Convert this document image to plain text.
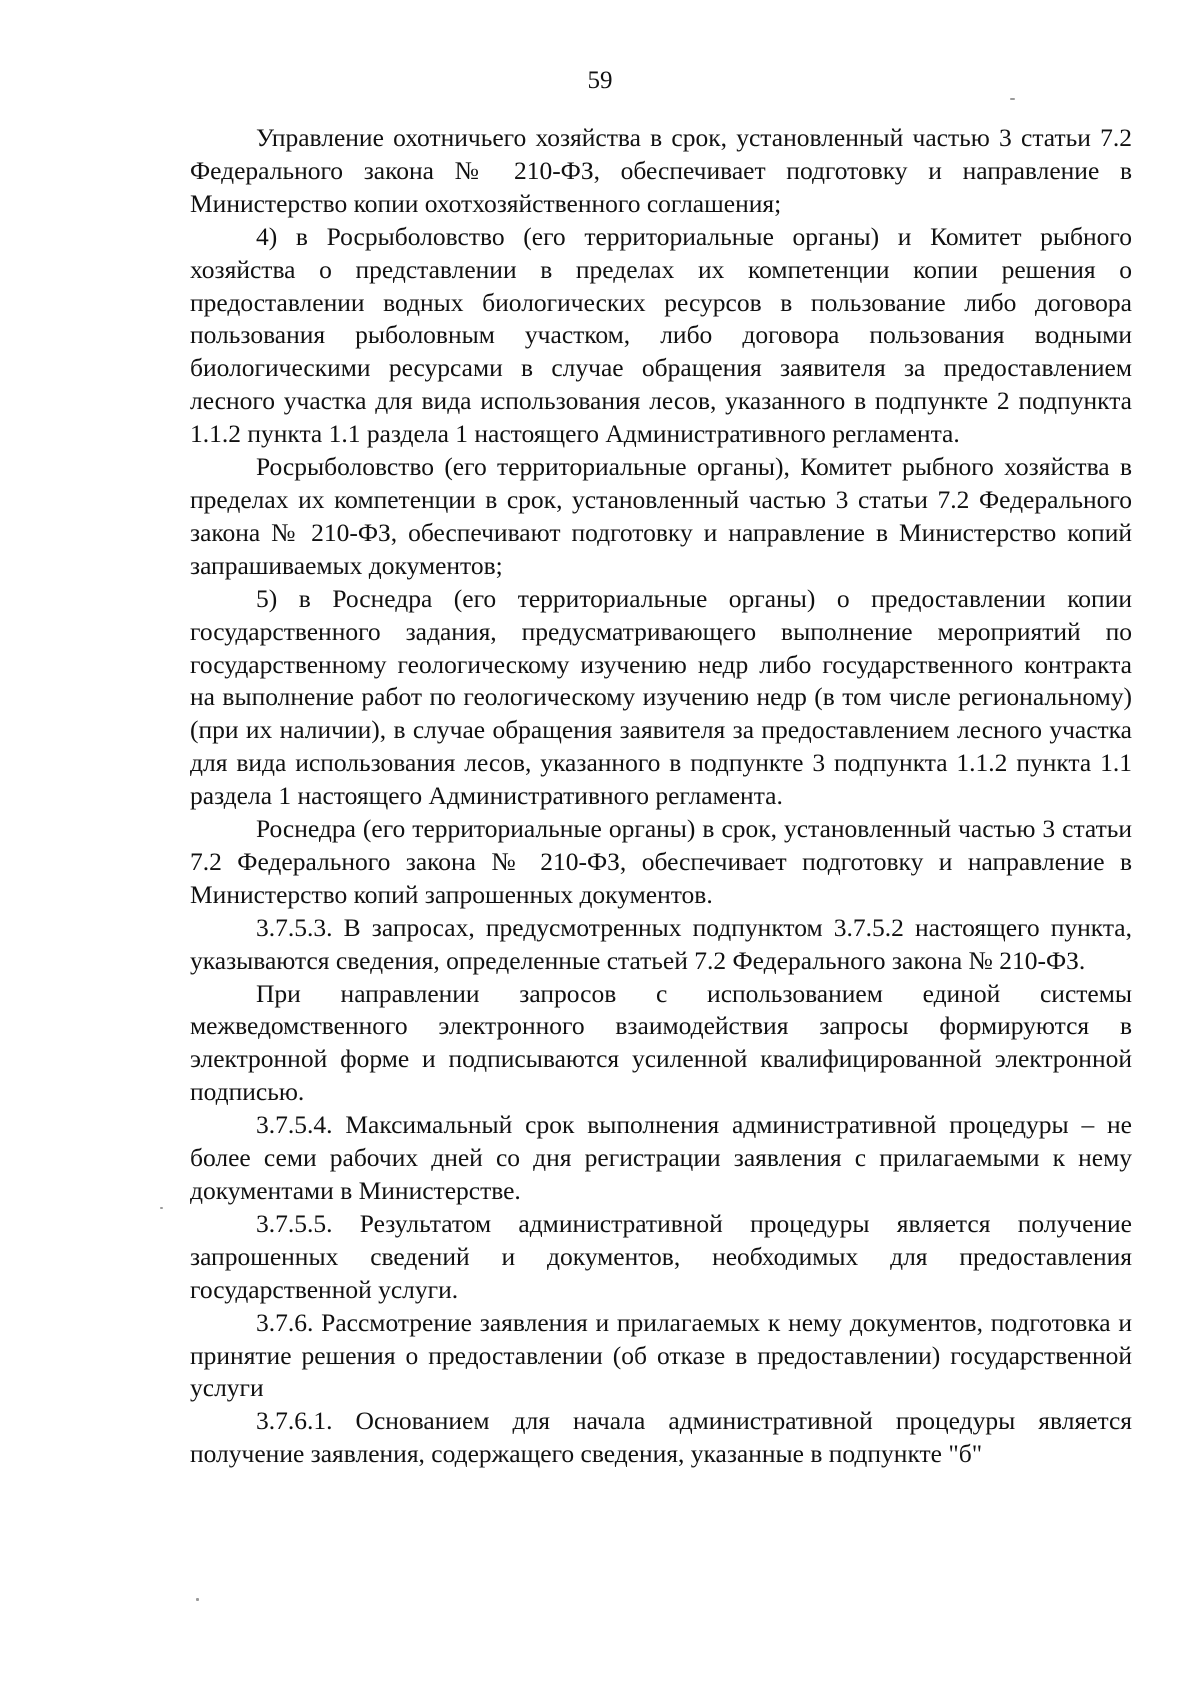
59

Управление охотничьего хозяйства в срок, установленный частью 3 статьи 7.2 Федерального закона № 210-ФЗ, обеспечивает подготовку и направление в Министерство копии охотхозяйственного соглашения;

4) в Росрыболовство (его территориальные органы) и Комитет рыбного хозяйства о представлении в пределах их компетенции копии решения о предоставлении водных биологических ресурсов в пользование либо договора пользования рыболовным участком, либо договора пользования водными биологическими ресурсами в случае обращения заявителя за предоставлением лесного участка для вида использования лесов, указанного в подпункте 2 подпункта 1.1.2 пункта 1.1 раздела 1 настоящего Административного регламента.

Росрыболовство (его территориальные органы), Комитет рыбного хозяйства в пределах их компетенции в срок, установленный частью 3 статьи 7.2 Федерального закона № 210-ФЗ, обеспечивают подготовку и направление в Министерство копий запрашиваемых документов;

5) в Роснедра (его территориальные органы) о предоставлении копии государственного задания, предусматривающего выполнение мероприятий по государственному геологическому изучению недр либо государственного контракта на выполнение работ по геологическому изучению недр (в том числе региональному) (при их наличии), в случае обращения заявителя за предоставлением лесного участка для вида использования лесов, указанного в подпункте 3 подпункта 1.1.2 пункта 1.1 раздела 1 настоящего Административного регламента.

Роснедра (его территориальные органы) в срок, установленный частью 3 статьи 7.2 Федерального закона № 210-ФЗ, обеспечивает подготовку и направление в Министерство копий запрошенных документов.

3.7.5.3. В запросах, предусмотренных подпунктом 3.7.5.2 настоящего пункта, указываются сведения, определенные статьей 7.2 Федерального закона № 210-ФЗ.

При направлении запросов с использованием единой системы межведомственного электронного взаимодействия запросы формируются в электронной форме и подписываются усиленной квалифицированной электронной подписью.

3.7.5.4. Максимальный срок выполнения административной процедуры – не более семи рабочих дней со дня регистрации заявления с прилагаемыми к нему документами в Министерстве.

3.7.5.5. Результатом административной процедуры является получение запрошенных сведений и документов, необходимых для предоставления государственной услуги.

3.7.6. Рассмотрение заявления и прилагаемых к нему документов, подготовка и принятие решения о предоставлении (об отказе в предоставлении) государственной услуги

3.7.6.1. Основанием для начала административной процедуры является получение заявления, содержащего сведения, указанные в подпункте "б"
